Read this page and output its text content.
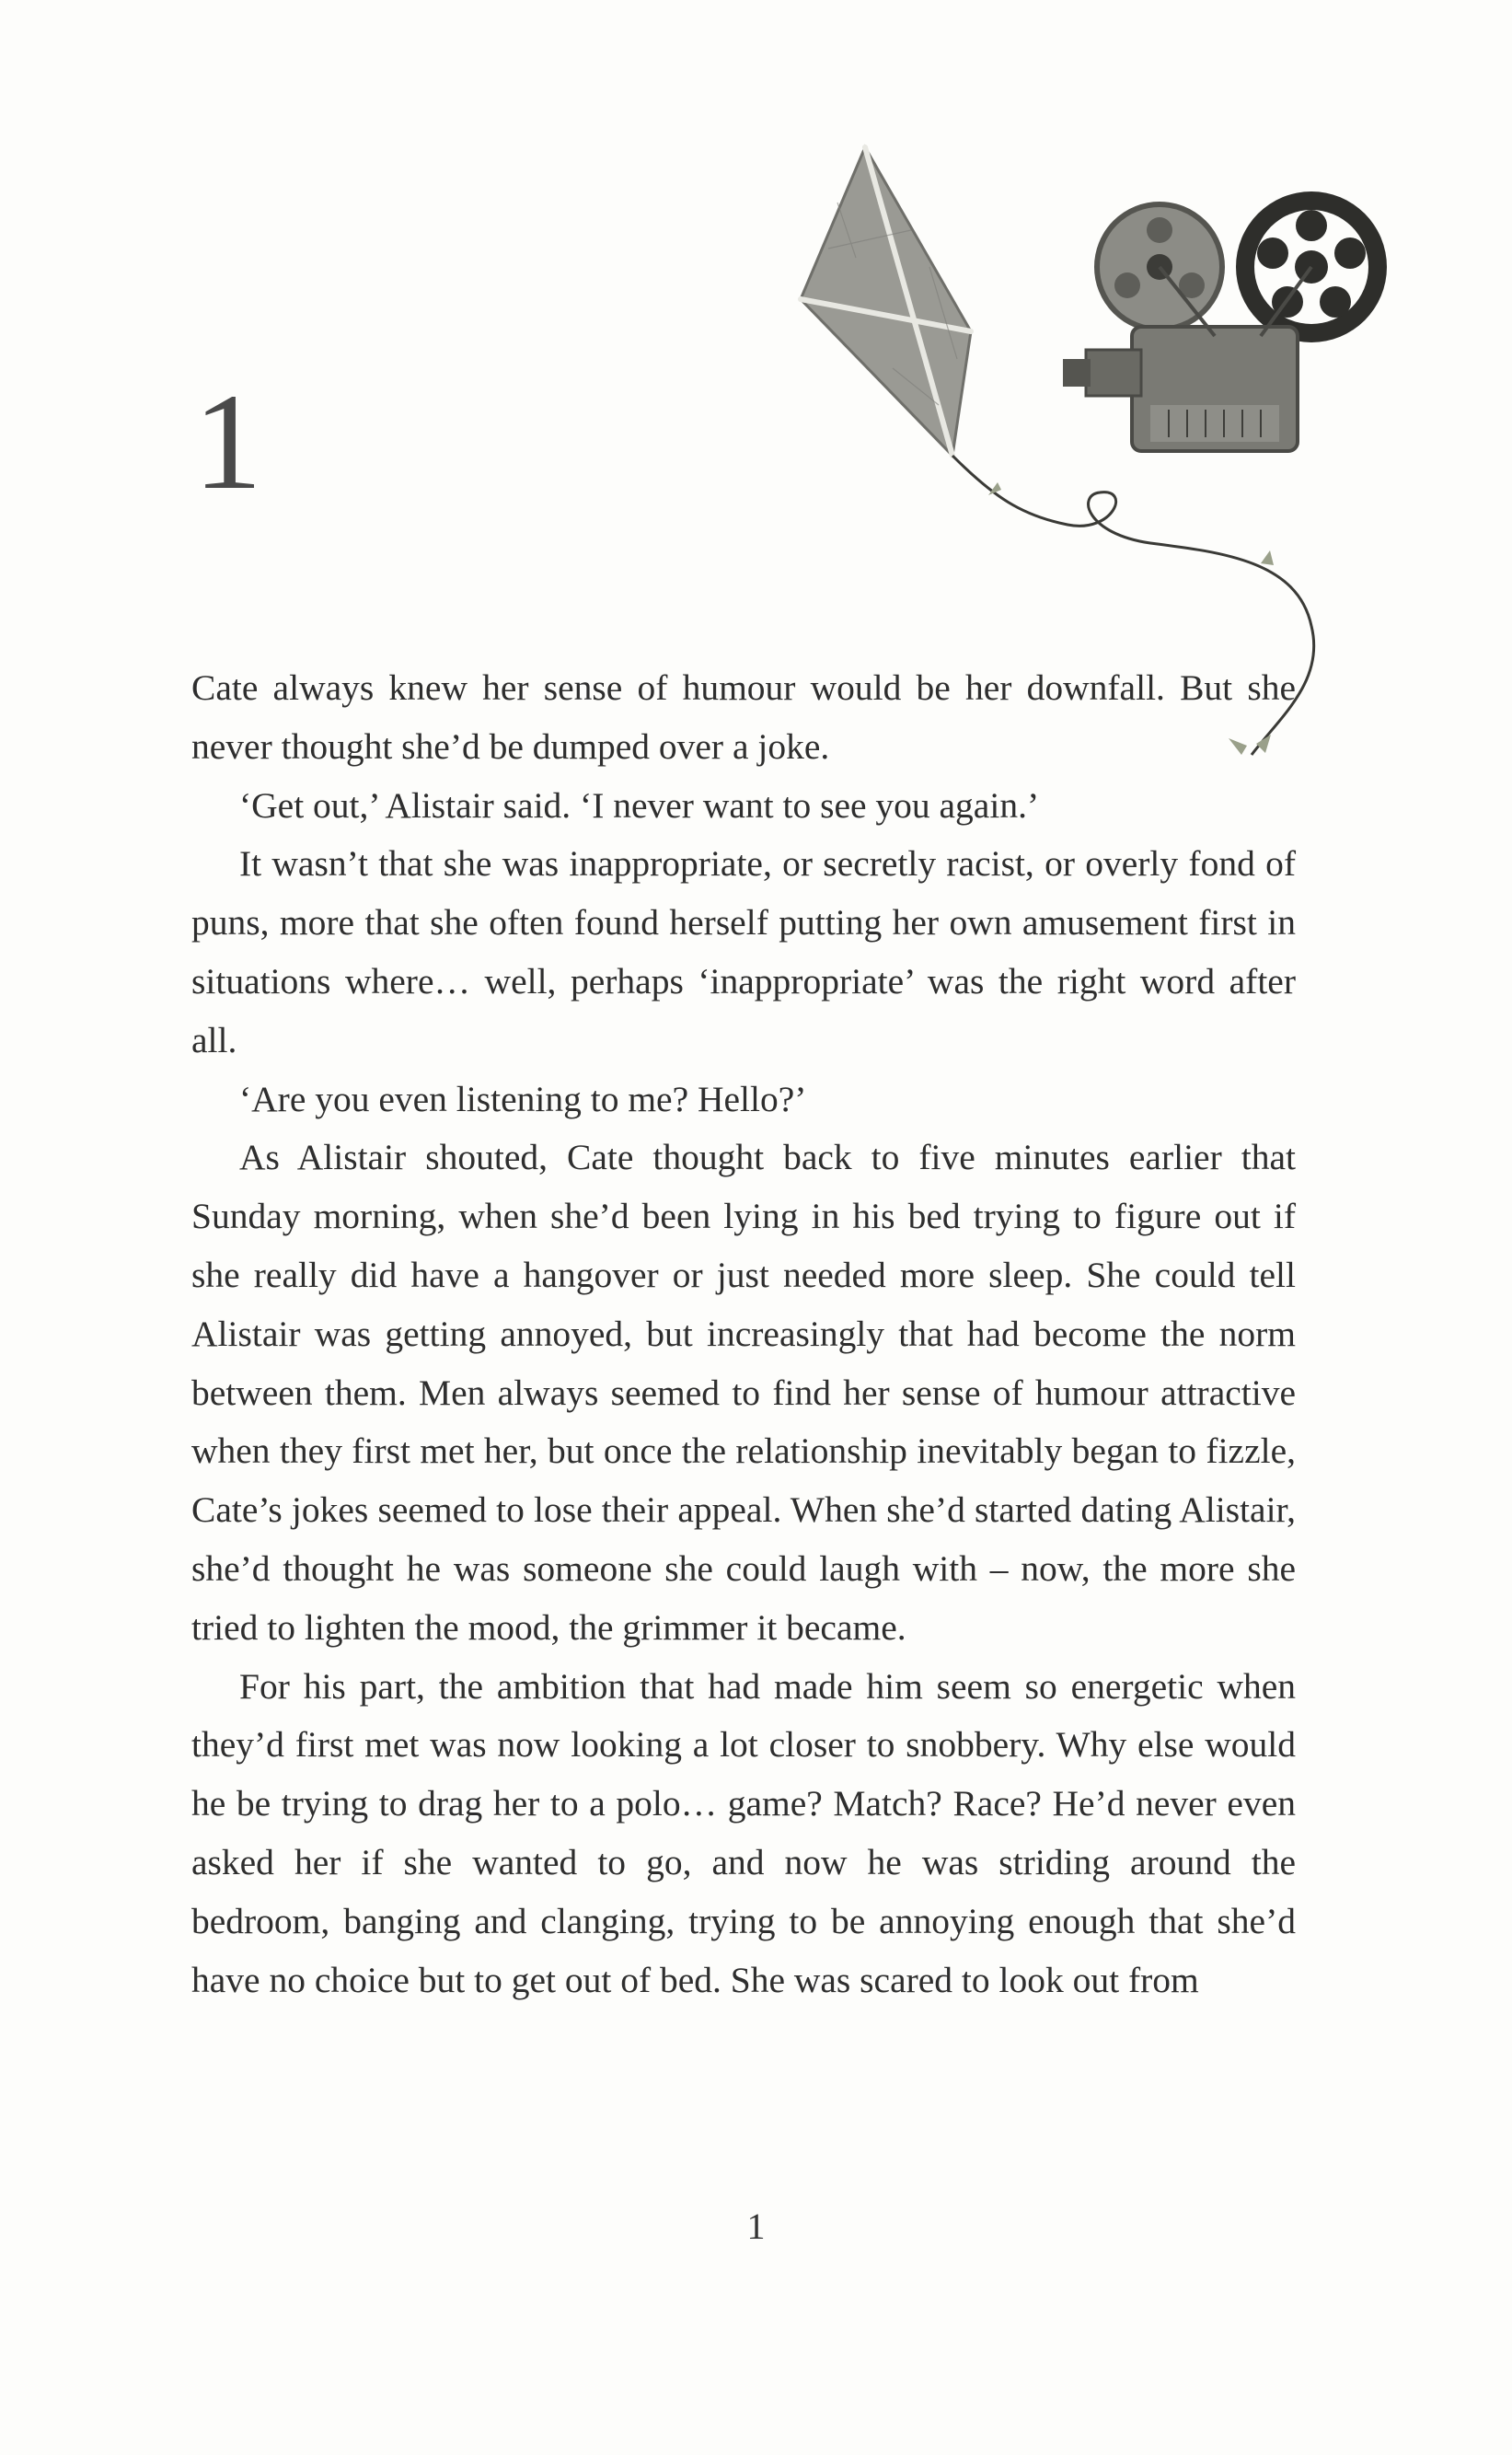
1

Cate always knew her sense of humour would be her downfall. But she never thought she’d be dumped over a joke.

‘Get out,’ Alistair said. ‘I never want to see you again.’

It wasn’t that she was inappropriate, or secretly racist, or overly fond of puns, more that she often found herself putting her own amusement first in situations where… well, perhaps ‘inappropriate’ was the right word after all.

‘Are you even listening to me? Hello?’

As Alistair shouted, Cate thought back to five minutes earlier that Sunday morning, when she’d been lying in his bed trying to figure out if she really did have a hangover or just needed more sleep. She could tell Alistair was getting annoyed, but increasingly that had become the norm between them. Men always seemed to find her sense of humour attractive when they first met her, but once the relationship inevitably began to fizzle, Cate’s jokes seemed to lose their appeal. When she’d started dating Alistair, she’d thought he was someone she could laugh with – now, the more she tried to lighten the mood, the grimmer it became.

For his part, the ambition that had made him seem so energetic when they’d first met was now looking a lot closer to snobbery. Why else would he be trying to drag her to a polo… game? Match? Race? He’d never even asked her if she wanted to go, and now he was striding around the bedroom, banging and clanging, trying to be annoying enough that she’d have no choice but to get out of bed. She was scared to look out from

1
